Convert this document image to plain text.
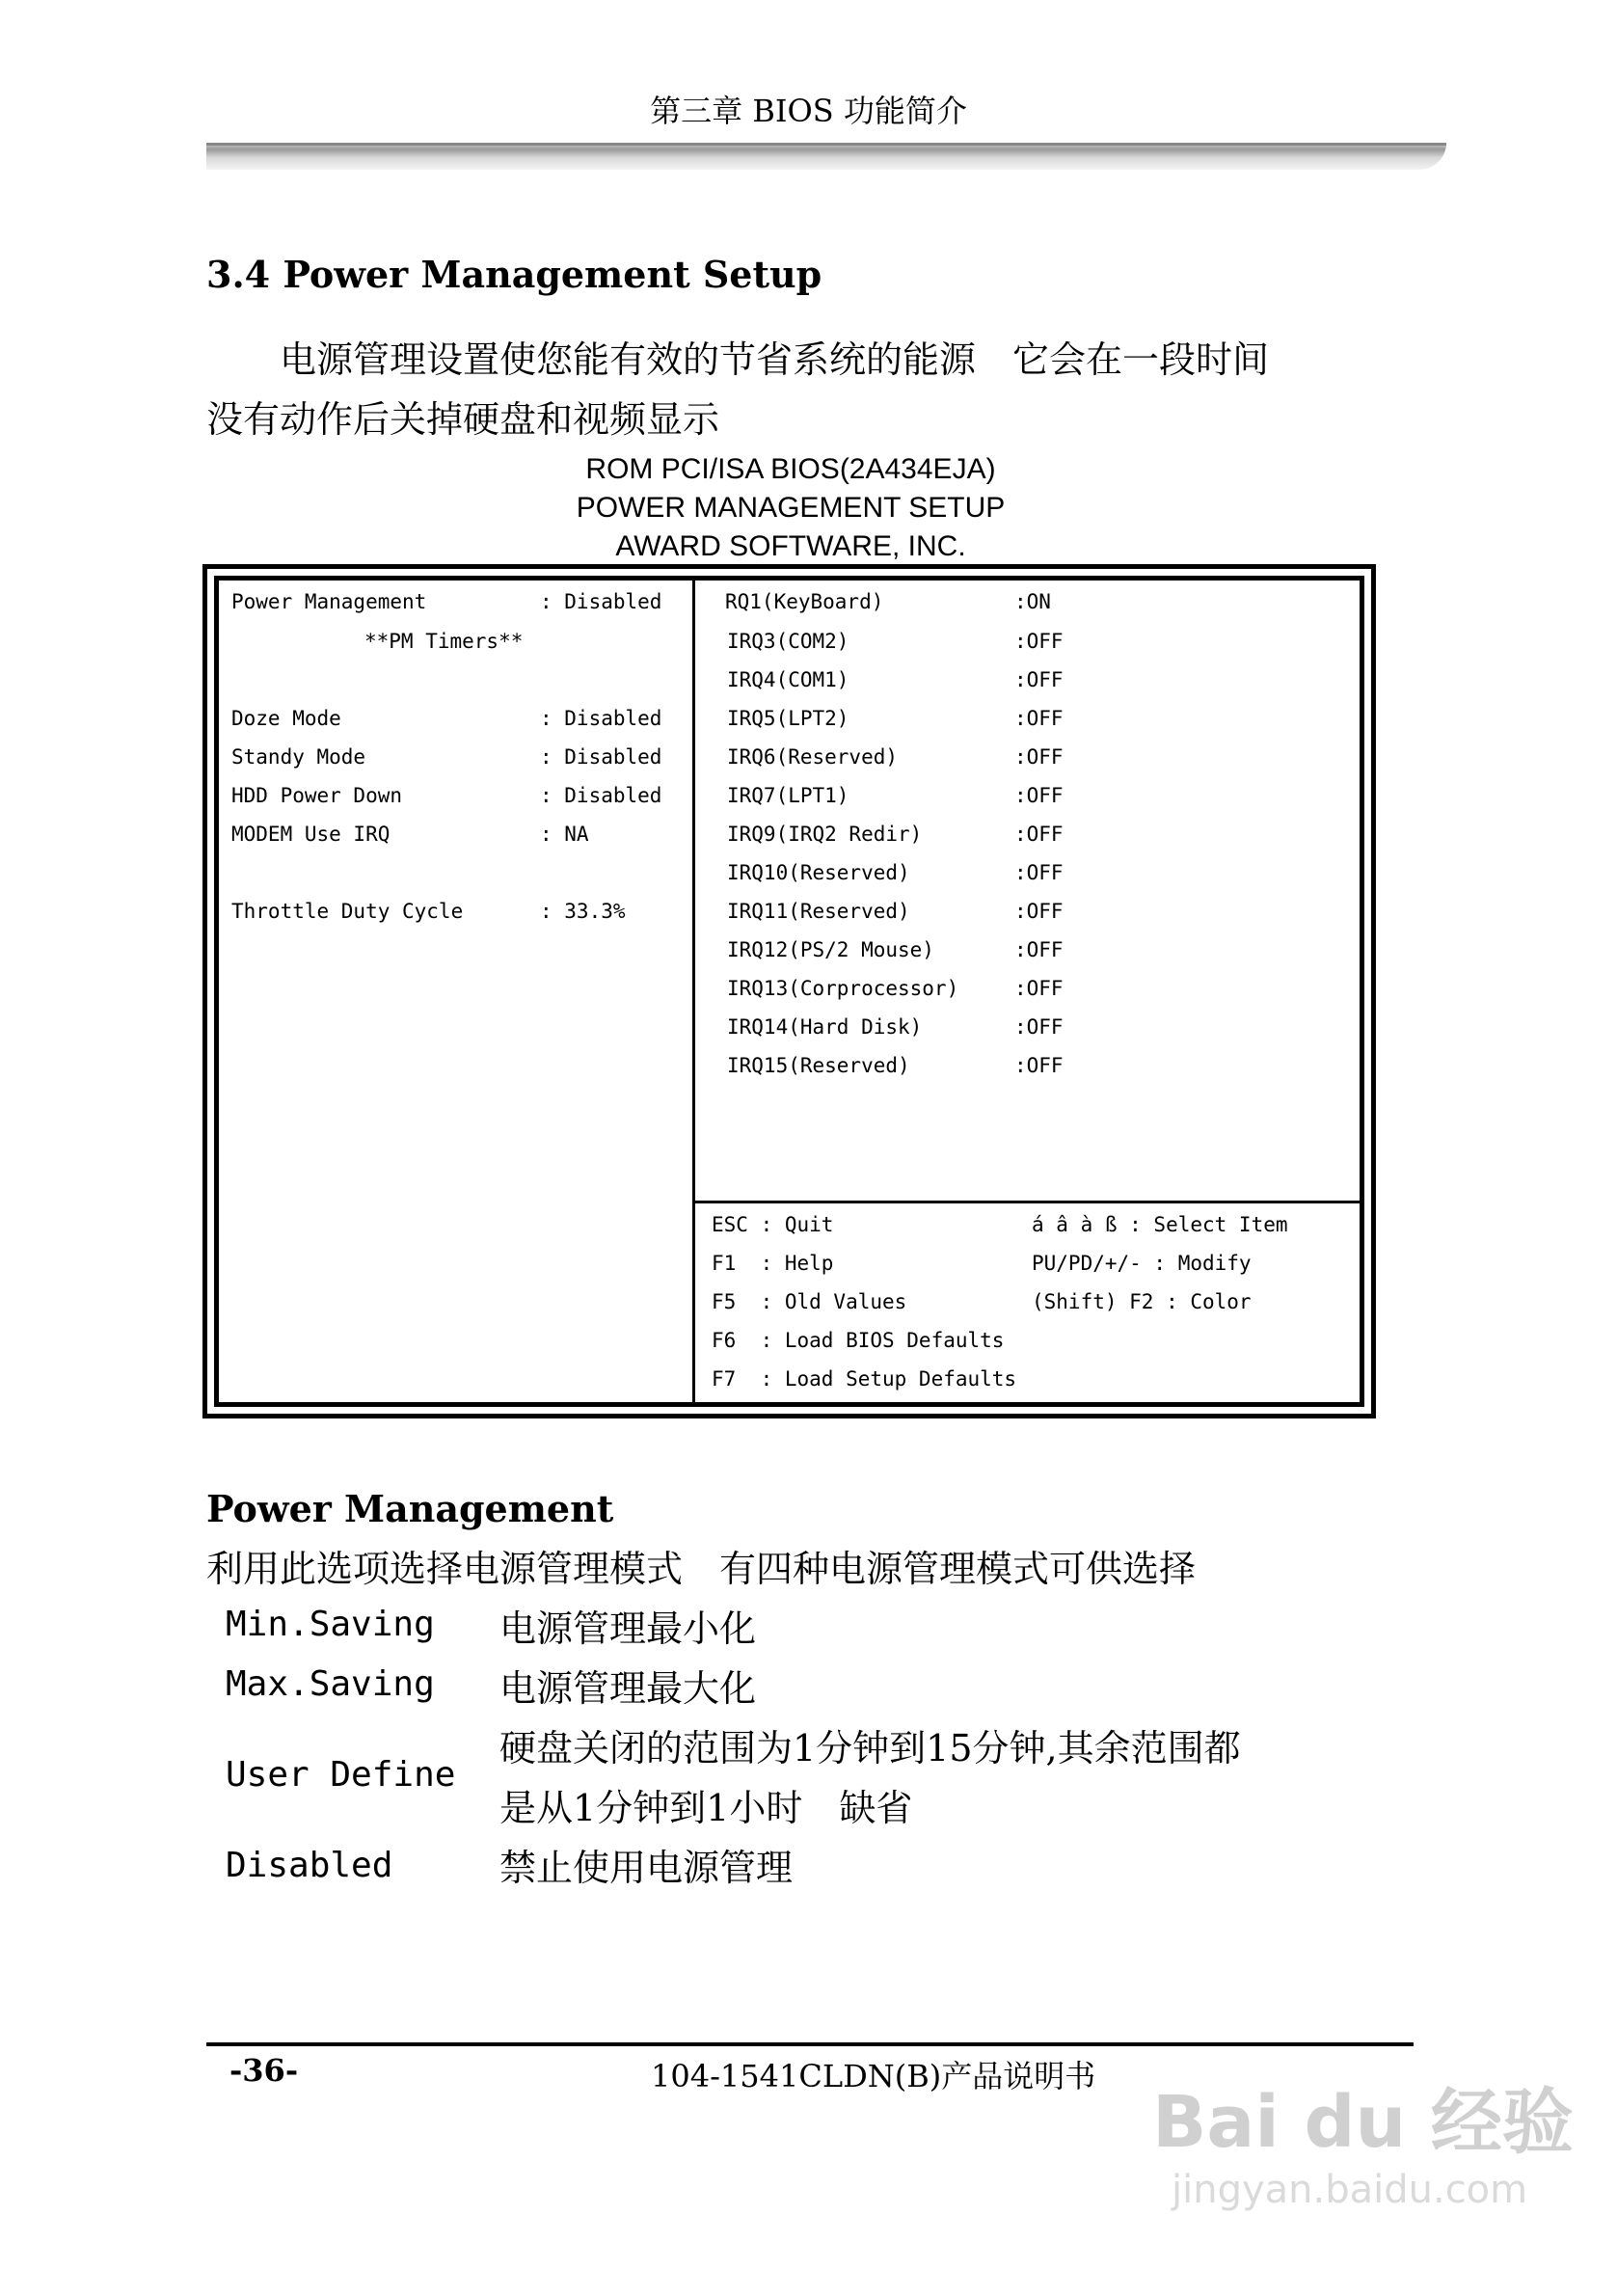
第三章 BIOS 功能简介
3.4 Power Management Setup
电源管理设置使您能有效的节省系统的能源　它会在一段时间
没有动作后关掉硬盘和视频显示
ROM PCI/ISA BIOS(2A434EJA)
POWER MANAGEMENT SETUP
AWARD SOFTWARE, INC.
Power Management	: Disabled
**PM Timers**
Doze Mode	: Disabled
Standy Mode	: Disabled
HDD Power Down	: Disabled
MODEM Use IRQ	: NA
Throttle Duty Cycle	: 33.3%
RQ1(KeyBoard)	:ON
IRQ3(COM2)	:OFF
IRQ4(COM1)	:OFF
IRQ5(LPT2)	:OFF
IRQ6(Reserved)	:OFF
IRQ7(LPT1)	:OFF
IRQ9(IRQ2 Redir)	:OFF
IRQ10(Reserved)	:OFF
IRQ11(Reserved)	:OFF
IRQ12(PS/2 Mouse)	:OFF
IRQ13(Corprocessor)	:OFF
IRQ14(Hard Disk)	:OFF
IRQ15(Reserved)	:OFF
ESC : Quit
F1  : Help
F5  : Old Values
F6  : Load BIOS Defaults
F7  : Load Setup Defaults
á â à ß : Select Item
PU/PD/+/- : Modify
(Shift) F2 : Color
Power Management
利用此选项选择电源管理模式　有四种电源管理模式可供选择
Min.Saving 电源管理最小化
Max.Saving 电源管理最大化
User Define
硬盘关闭的范围为1分钟到15分钟,其余范围都
是从1分钟到1小时　缺省
Disabled	禁止使用电源管理
-36-	104-1541CLDN(B)产品说明书
Bai du 经验
jingyan.baidu.com
